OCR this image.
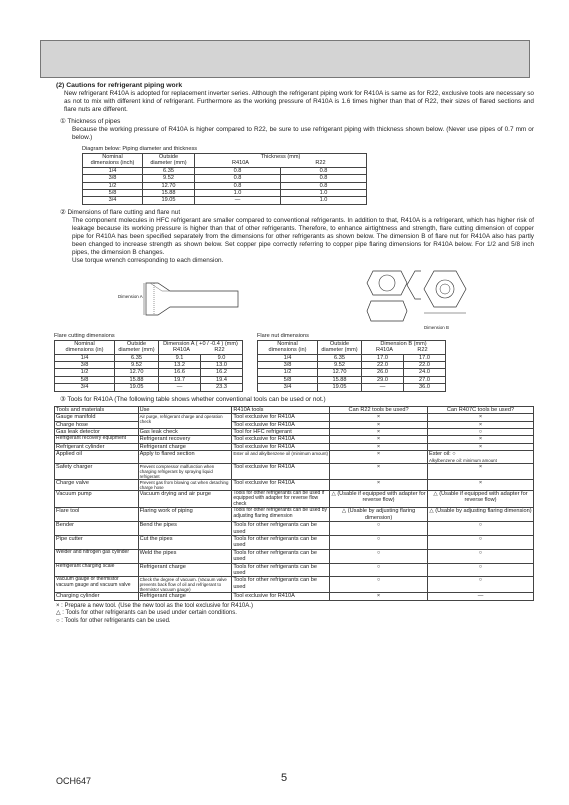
(2) Cautions for refrigerant piping work
New refrigerant R410A is adopted for replacement inverter series. Although the refrigerant piping work for R410A is same as for R22, exclusive tools are necessary so as not to mix with different kind of refrigerant. Furthermore as the working pressure of R410A is 1.6 times higher than that of R22, their sizes of flared sections and flare nuts are different.
① Thickness of pipes
Because the working pressure of R410A is higher compared to R22, be sure to use refrigerant piping with thickness shown below. (Never use pipes of 0.7 mm or below.)
Diagram below: Piping diameter and thickness
Nominal
dimensions (inch)	Outside
diameter (mm)	Thickness (mm)
R410A R22	
1/4	6.35	0.8	0.8
3/8	9.52	0.8	0.8
1/2	12.70	0.8	0.8
5/8	15.88	1.0	1.0
3/4	19.05	—	1.0
② Dimensions of flare cutting and flare nut
The component molecules in HFC refrigerant are smaller compared to conventional refrigerants. In addition to that, R410A is a refrigerant, which has higher risk of leakage because its working pressure is higher than that of other refrigerants. Therefore, to enhance airtightness and strength, flare cutting dimension of copper pipe for R410A has been specified separately from the dimensions for other refrigerants as shown below. The dimension B of flare nut for R410A also has partly been changed to increase strength as shown below. Set copper pipe correctly referring to copper pipe flaring dimensions for R410A below. For 1/2 and 5/8 inch pipes, the dimension B changes.
Use torque wrench corresponding to each dimension.
Dimension A
Dimension B
Flare cutting dimensions
Nominal
dimensions (in)	Outside
diameter (mm)	Dimension A ( +0 / -0.4 ) (mm)
R410A R22	
1/4	6.35	9.1	9.0
3/8	9.52	13.2	13.0
1/2	12.70	16.6	16.2
5/8	15.88	19.7	19.4
3/4	19.05	—	23.3
Flare nut dimensions
Nominal
dimensions (in)	Outside
diameter (mm)	Dimension B (mm)
R410A R22	
1/4	6.35	17.0	17.0
3/8	9.52	22.0	22.0
1/2	12.70	26.0	24.0
5/8	15.88	29.0	27.0
3/4	19.05	—	36.0
③ Tools for R410A (The following table shows whether conventional tools can be used or not.)
Tools and materials	Use	R410A tools	Can R22 tools be used?	Can R407C tools be used?
Gauge manifold	Air purge, refrigerant charge and operation check	Tool exclusive for R410A	×	×
Charge hose		Tool exclusive for R410A	×	×
Gas leak detector	Gas leak check	Tool for HFC refrigerant	×	○
Refrigerant recovery equipment	Refrigerant recovery	Tool exclusive for R410A	×	×
Refrigerant cylinder	Refrigerant charge	Tool exclusive for R410A	×	×
Applied oil	Apply to flared section	Ester oil and alkylbenzene oil (minimum amount)	×	Ester oil: ○
Alkylbenzene oil: minimum amount

Safety charger	Prevent compressor malfunction when charging refrigerant by spraying liquid refrigerant	Tool exclusive for R410A	×	×
Charge valve	Prevent gas from blowing out when detaching charge hose	Tool exclusive for R410A	×	×
Vacuum pump	Vacuum drying and air purge	Tools for other refrigerants can be used if equipped with adapter for reverse flow check	△ (Usable if equipped with adapter for reverse flow)	△ (Usable if equipped with adapter for reverse flow)
Flare tool	Flaring work of piping	Tools for other refrigerants can be used by adjusting flaring dimension	△ (Usable by adjusting flaring dimension)	△ (Usable by adjusting flaring dimension)
Bender	Bend the pipes	Tools for other refrigerants can be used	○	○
Pipe cutter	Cut the pipes	Tools for other refrigerants can be used	○	○
Welder and nitrogen gas cylinder	Weld the pipes	Tools for other refrigerants can be used	○	○
Refrigerant charging scale	Refrigerant charge	Tools for other refrigerants can be used	○	○
Vacuum gauge or thermistor vacuum gauge and vacuum valve	Check the degree of vacuum. (Vacuum valve prevents back flow of oil and refrigerant to thermistor vacuum gauge)	Tools for other refrigerants can be used	○	○
Charging cylinder	Refrigerant charge	Tool exclusive for R410A	×	—
× : Prepare a new tool. (Use the new tool as the tool exclusive for R410A.)
△ : Tools for other refrigerants can be used under certain conditions.
○ : Tools for other refrigerants can be used.
OCH647	5
